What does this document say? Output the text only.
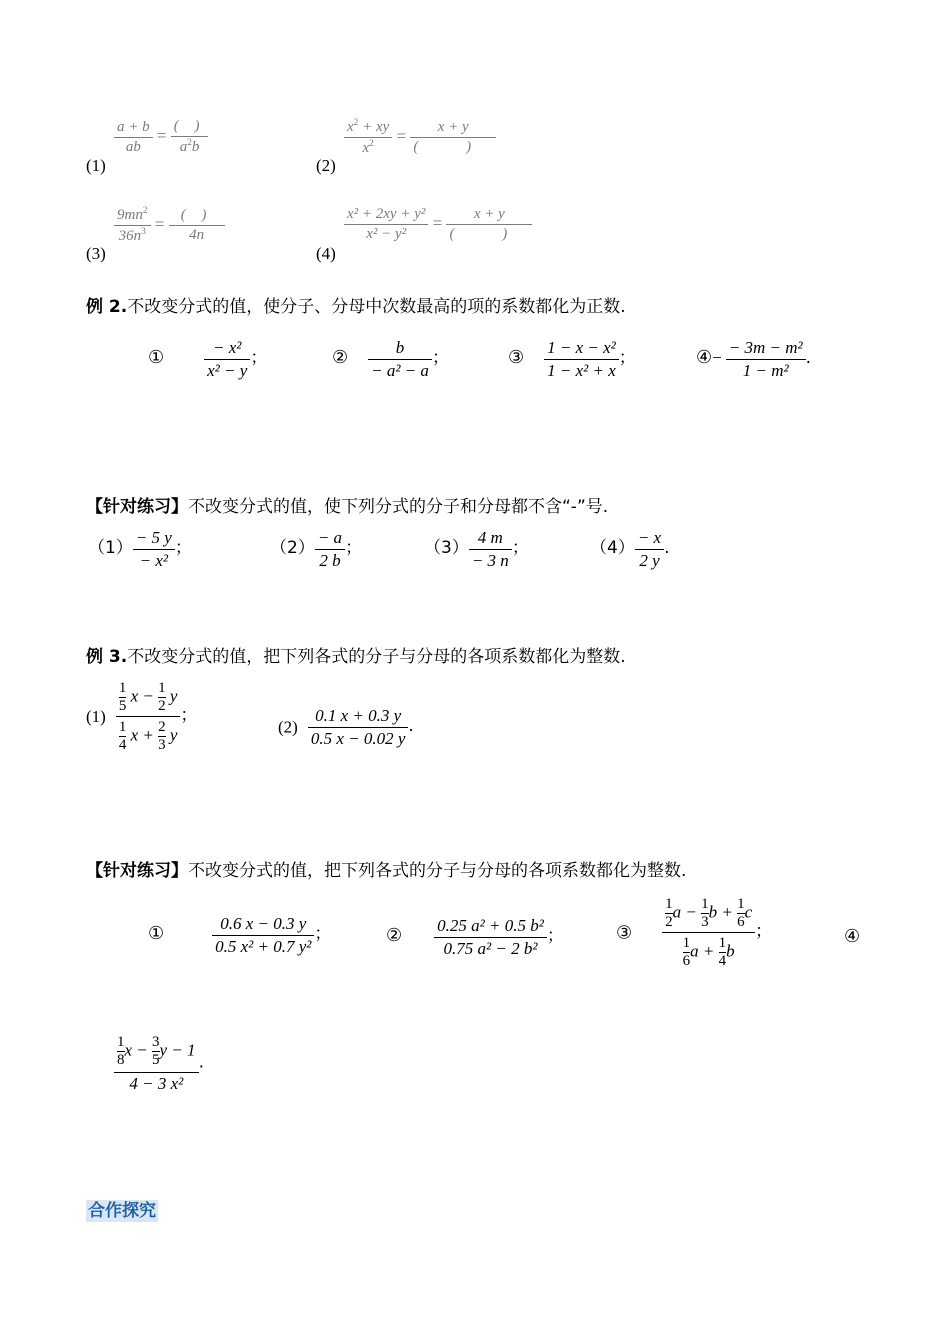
(1)
$\frac{a + b}{ab} = \frac{( )}{a^2b}$
(2)
$\frac{x^2 + xy}{x^2} = \frac{x + y}{( )}$
(3)
$\frac{9mn^2}{36n^3} = \frac{( )}{4n}$
(4)
$\frac{\text{x² + 2xy + y²}}{\text{x² − y²}} = \frac{x + y}{( )}$
例 2.不改变分式的值，使分子、分母中次数最高的项的系数都化为正数.
① $\frac{\text{− x²}}{\text{x² − y}}$ ；	② $\frac{b}{\text{− a² − a}}$ ；	③ $\frac{\text{1 − x − x²}}{\text{1 − x² + x}}$ ；	④− $\frac{\text{− 3m − m²}}{\text{1 − m²}}$ .
【针对练习】不改变分式的值，使下列分式的分子和分母都不含“-”号.
$(1) \frac{- 5 y}{\text{− x²}}$ ；	$(2) \frac{- a}{2 b}$ ；	$(3) \frac{4 m}{- 3 n}$ ；	$(4) \frac{- x}{2 y}$ .
例 3.不改变分式的值，把下列各式的分子与分母的各项系数都化为整数.
$(1) \frac{\frac{1}{5} x - \frac{1}{2} y}{\frac{1}{4} x + \frac{2}{3} y}$ ；
$(2) \frac{0.1 x + 0.3 y}{0.5 x - 0.02 y}$ .
【针对练习】不改变分式的值，把下列各式的分子与分母的各项系数都化为整数.
①	$\frac{0.6 x - 0.3 y}{\text{0.5 x² + 0.7 y²}}$ ；	② $\frac{\text{0.25 a² + 0.5 b²}}{\text{0.75 a² − 2 b²}}$ ；	③ $\frac{\frac{1}{2} a - \frac{1}{3} b + \frac{1}{6} c}{\frac{1}{6} a + \frac{1}{4} b}$ ；	④
$\frac{\frac{1}{8} x - \frac{3}{5} y - 1}{\text{4 − 3 x²}}$ .
合作探究
